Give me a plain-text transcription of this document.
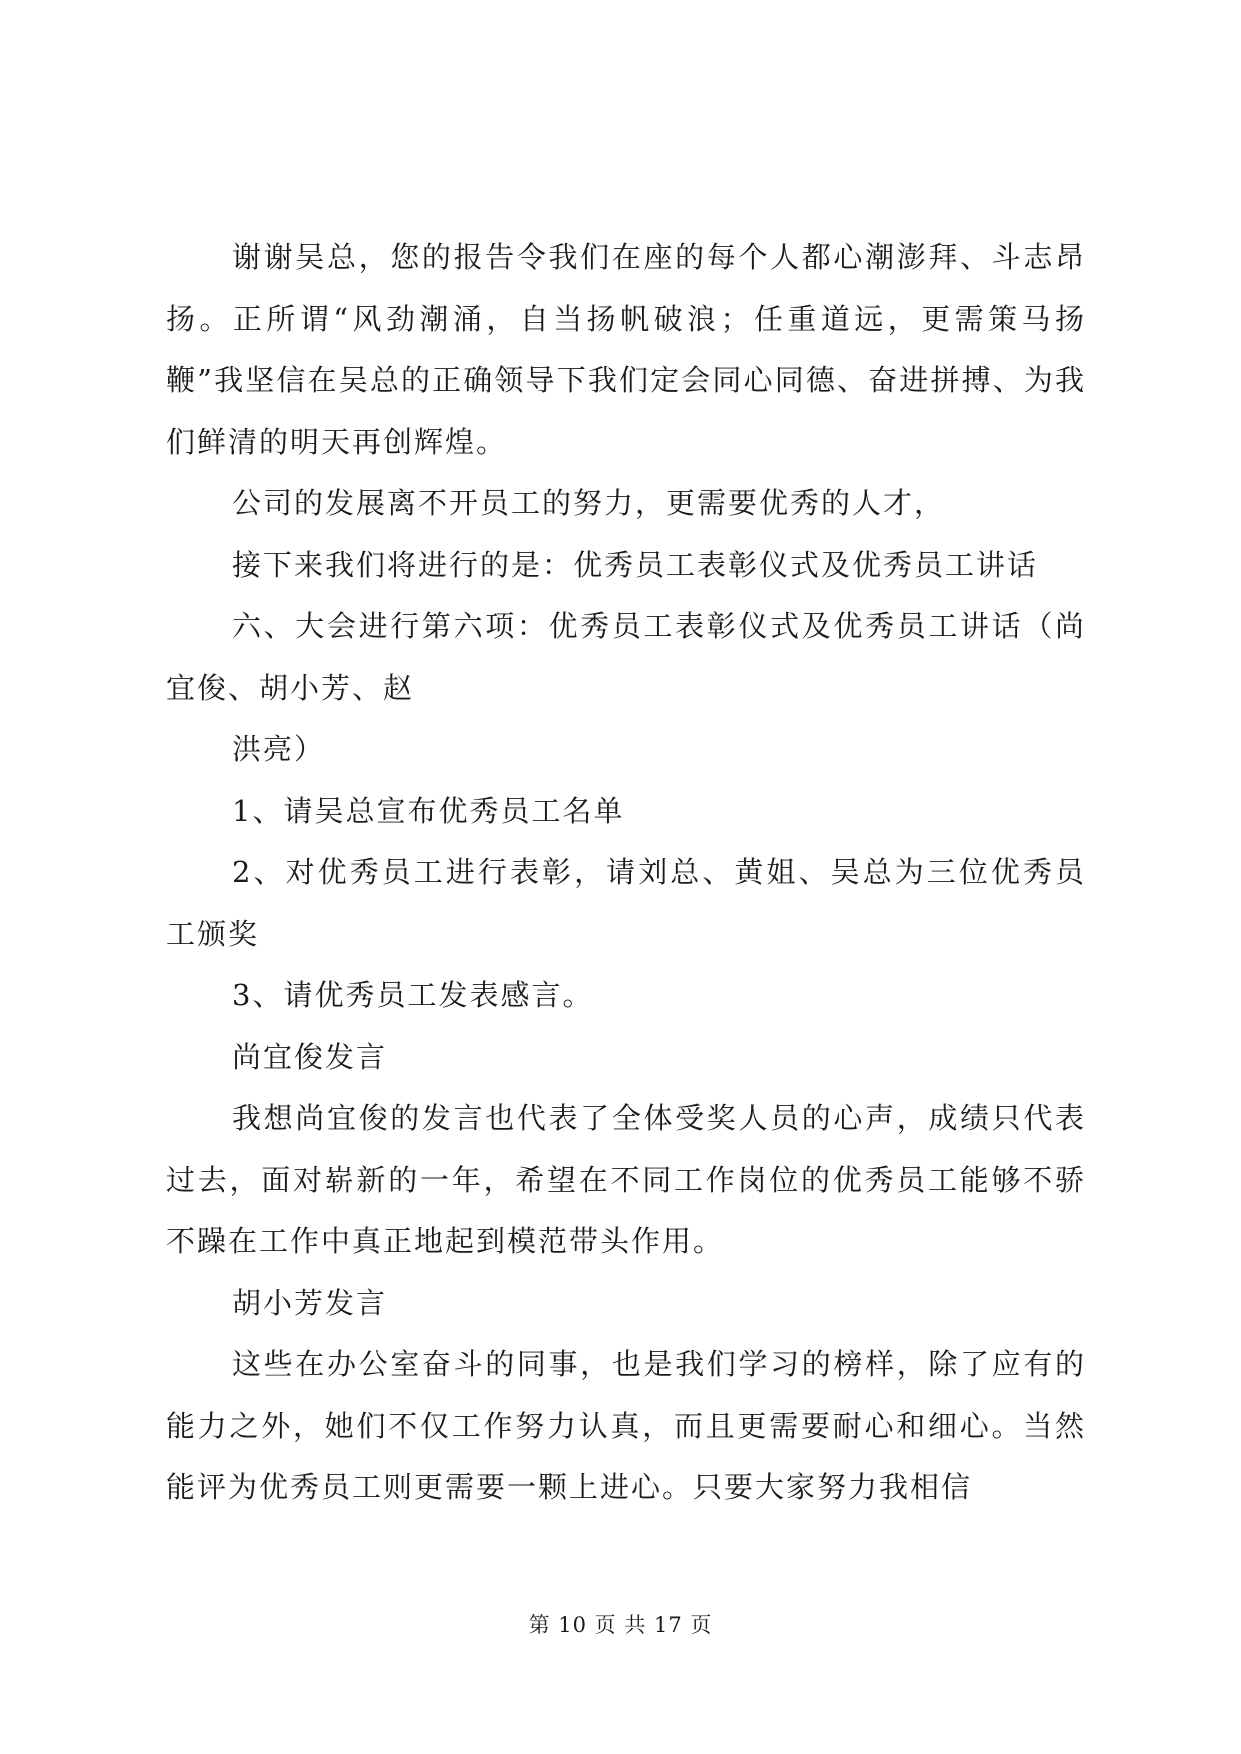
谢谢吴总，您的报告令我们在座的每个人都心潮澎拜、斗志昂扬。正所谓“风劲潮涌，自当扬帆破浪；任重道远，更需策马扬鞭”我坚信在吴总的正确领导下我们定会同心同德、奋进拼搏、为我们鲜清的明天再创辉煌。

公司的发展离不开员工的努力，更需要优秀的人才，

接下来我们将进行的是：优秀员工表彰仪式及优秀员工讲话

六、大会进行第六项：优秀员工表彰仪式及优秀员工讲话（尚宜俊、胡小芳、赵

洪亮）

1、请吴总宣布优秀员工名单

2、对优秀员工进行表彰，请刘总、黄姐、吴总为三位优秀员工颁奖

3、请优秀员工发表感言。

尚宜俊发言

我想尚宜俊的发言也代表了全体受奖人员的心声，成绩只代表过去，面对崭新的一年，希望在不同工作岗位的优秀员工能够不骄不躁在工作中真正地起到模范带头作用。

胡小芳发言

这些在办公室奋斗的同事，也是我们学习的榜样，除了应有的能力之外，她们不仅工作努力认真，而且更需要耐心和细心。当然能评为优秀员工则更需要一颗上进心。只要大家努力我相信

第 10 页 共 17 页
